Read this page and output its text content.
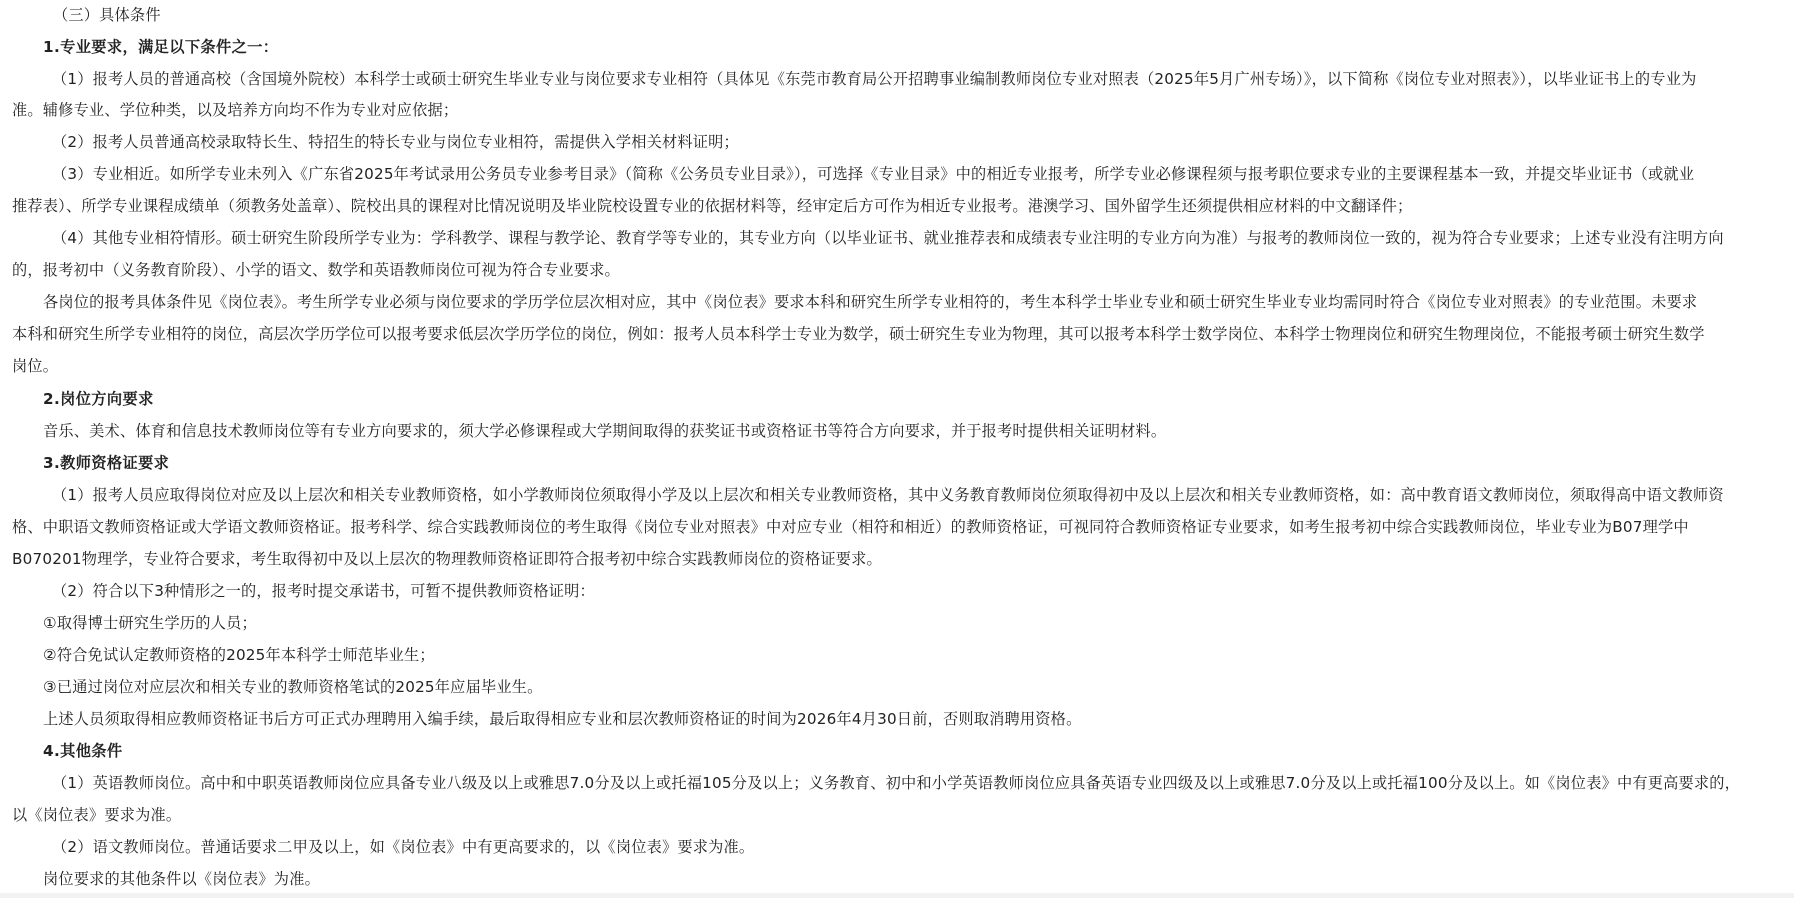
（三）具体条件
1.专业要求，满足以下条件之一：
（1）报考人员的普通高校（含国境外院校）本科学士或硕士研究生毕业专业与岗位要求专业相符（具体见《东莞市教育局公开招聘事业编制教师岗位专业对照表（2025年5月广州专场）》，以下简称《岗位专业对照表》），以毕业证书上的专业为
准。辅修专业、学位种类，以及培养方向均不作为专业对应依据；
（2）报考人员普通高校录取特长生、特招生的特长专业与岗位专业相符，需提供入学相关材料证明；
（3）专业相近。如所学专业未列入《广东省2025年考试录用公务员专业参考目录》（简称《公务员专业目录》），可选择《专业目录》中的相近专业报考，所学专业必修课程须与报考职位要求专业的主要课程基本一致，并提交毕业证书（或就业
推荐表）、所学专业课程成绩单（须教务处盖章）、院校出具的课程对比情况说明及毕业院校设置专业的依据材料等，经审定后方可作为相近专业报考。港澳学习、国外留学生还须提供相应材料的中文翻译件；
（4）其他专业相符情形。硕士研究生阶段所学专业为：学科教学、课程与教学论、教育学等专业的，其专业方向（以毕业证书、就业推荐表和成绩表专业注明的专业方向为准）与报考的教师岗位一致的，视为符合专业要求；上述专业没有注明方向
的，报考初中（义务教育阶段）、小学的语文、数学和英语教师岗位可视为符合专业要求。
各岗位的报考具体条件见《岗位表》。考生所学专业必须与岗位要求的学历学位层次相对应，其中《岗位表》要求本科和研究生所学专业相符的，考生本科学士毕业专业和硕士研究生毕业专业均需同时符合《岗位专业对照表》的专业范围。未要求
本科和研究生所学专业相符的岗位，高层次学历学位可以报考要求低层次学历学位的岗位，例如：报考人员本科学士专业为数学，硕士研究生专业为物理，其可以报考本科学士数学岗位、本科学士物理岗位和研究生物理岗位，不能报考硕士研究生数学
岗位。
2.岗位方向要求
音乐、美术、体育和信息技术教师岗位等有专业方向要求的，须大学必修课程或大学期间取得的获奖证书或资格证书等符合方向要求，并于报考时提供相关证明材料。
3.教师资格证要求
（1）报考人员应取得岗位对应及以上层次和相关专业教师资格，如小学教师岗位须取得小学及以上层次和相关专业教师资格，其中义务教育教师岗位须取得初中及以上层次和相关专业教师资格，如：高中教育语文教师岗位，须取得高中语文教师资
格、中职语文教师资格证或大学语文教师资格证。报考科学、综合实践教师岗位的考生取得《岗位专业对照表》中对应专业（相符和相近）的教师资格证，可视同符合教师资格证专业要求，如考生报考初中综合实践教师岗位，毕业专业为B07理学中
B070201物理学，专业符合要求，考生取得初中及以上层次的物理教师资格证即符合报考初中综合实践教师岗位的资格证要求。
（2）符合以下3种情形之一的，报考时提交承诺书，可暂不提供教师资格证明：
①取得博士研究生学历的人员；
②符合免试认定教师资格的2025年本科学士师范毕业生；
③已通过岗位对应层次和相关专业的教师资格笔试的2025年应届毕业生。
上述人员须取得相应教师资格证书后方可正式办理聘用入编手续，最后取得相应专业和层次教师资格证的时间为2026年4月30日前，否则取消聘用资格。
4.其他条件
（1）英语教师岗位。高中和中职英语教师岗位应具备专业八级及以上或雅思7.0分及以上或托福105分及以上；义务教育、初中和小学英语教师岗位应具备英语专业四级及以上或雅思7.0分及以上或托福100分及以上。如《岗位表》中有更高要求的，
以《岗位表》要求为准。
（2）语文教师岗位。普通话要求二甲及以上，如《岗位表》中有更高要求的，以《岗位表》要求为准。
岗位要求的其他条件以《岗位表》为准。
